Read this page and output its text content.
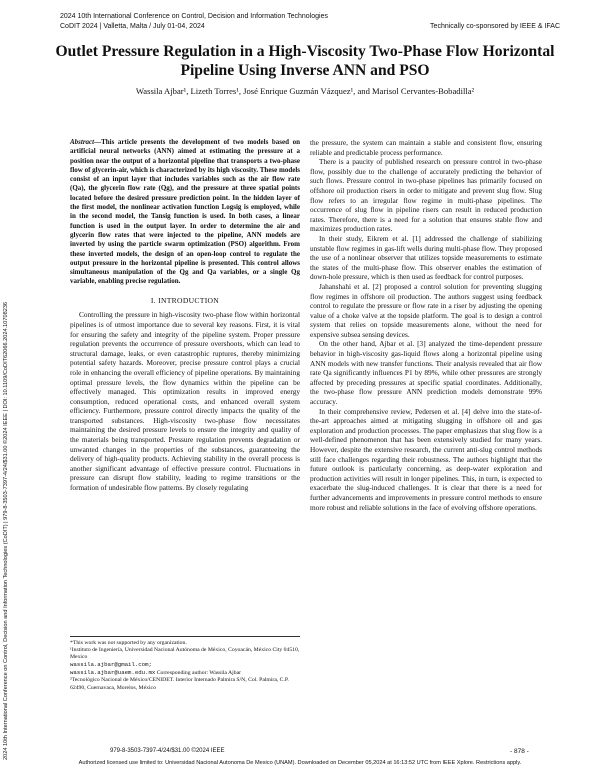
2024 10th International Conference on Control, Decision and Information Technologies
CoDIT 2024 | Valletta, Malta / July 01-04, 2024	Technically co-sponsored by IEEE & IFAC
Outlet Pressure Regulation in a High-Viscosity Two-Phase Flow Horizontal Pipeline Using Inverse ANN and PSO
Wassila Ajbar¹, Lizeth Torres¹, José Enrique Guzmán Vázquez¹, and Marisol Cervantes-Bobadilla²
Abstract—This article presents the development of two models based on artificial neural networks (ANN) aimed at estimating the pressure at a position near the output of a horizontal pipeline that transports a two-phase flow of glycerin-air, which is characterized by its high viscosity. These models consist of an input layer that includes variables such as the air flow rate (Qa), the glycerin flow rate (Qg), and the pressure at three spatial points located before the desired pressure prediction point. In the hidden layer of the first model, the nonlinear activation function Logsig is employed, while in the second model, the Tansig function is used. In both cases, a linear function is used in the output layer. In order to determine the air and glycerin flow rates that were injected to the pipeline, ANN models are inverted by using the particle swarm optimization (PSO) algorithm. From these inverted models, the design of an open-loop control to regulate the output pressure in the horizontal pipeline is presented. This control allows simultaneous manipulation of the Qg and Qa variables, or a single Qg variable, enabling precise regulation.
I. INTRODUCTION

Controlling the pressure in high-viscosity two-phase flow within horizontal pipelines is of utmost importance due to several key reasons. First, it is vital for ensuring the safety and integrity of the pipeline system. Proper pressure regulation prevents the occurrence of pressure overshoots, which can lead to structural damage, leaks, or even catastrophic ruptures, thereby minimizing potential safety hazards. Moreover, precise pressure control plays a crucial role in enhancing the overall efficiency of pipeline operations. By maintaining optimal pressure levels, the flow dynamics within the pipeline can be effectively managed. This optimization results in improved energy consumption, reduced operational costs, and enhanced overall system efficiency. Furthermore, pressure control directly impacts the quality of the transported substances. High-viscosity two-phase flow necessitates maintaining the desired pressure levels to ensure the integrity and quality of the materials being transported. Pressure regulation prevents degradation or unwanted changes in the properties of the substances, guaranteeing the delivery of high-quality products. Achieving stability in the overall process is another significant advantage of effective pressure control. Fluctuations in pressure can disrupt flow stability, leading to regime transitions or the formation of undesirable flow patterns. By closely regulating

the pressure, the system can maintain a stable and consistent flow, ensuring reliable and predictable process performance.

There is a paucity of published research on pressure control in two-phase flow, possibly due to the challenge of accurately predicting the behavior of such flows. Pressure control in two-phase pipelines has primarily focused on offshore oil production risers in order to mitigate and prevent slug flow. Slug flow refers to an irregular flow regime in multi-phase pipelines. The occurrence of slug flow in pipeline risers can result in reduced production rates. Therefore, there is a need for a solution that ensures stable flow and maximizes production rates.

In their study, Eikrem et al. [1] addressed the challenge of stabilizing unstable flow regimes in gas-lift wells during multi-phase flow. They proposed the use of a nonlinear observer that utilizes topside measurements to estimate the states of the multi-phase flow. This observer enables the estimation of down-hole pressure, which is then used as feedback for control purposes.

Jahanshahi et al. [2] proposed a control solution for preventing slugging flow regimes in offshore oil production. The authors suggest using feedback control to regulate the pressure or flow rate in a riser by adjusting the opening value of a choke valve at the topside platform. The goal is to design a control system that relies on topside measurements alone, without the need for expensive subsea sensing devices.

On the other hand, Ajbar et al. [3] analyzed the time-dependent pressure behavior in high-viscosity gas-liquid flows along a horizontal pipeline using ANN models with new transfer functions. Their analysis revealed that air flow rate Qa significantly influences P1 by 89%, while other pressures are strongly affected by preceding pressures at specific spatial coordinates. Additionally, the two-phase flow pressure ANN prediction models demonstrate 99% accuracy.

In their comprehensive review, Pedersen et al. [4] delve into the state-of-the-art approaches aimed at mitigating slugging in offshore oil and gas exploration and production processes. The paper emphasizes that slug flow is a well-defined phenomenon that has been extensively studied for many years. However, despite the extensive research, the current anti-slug control methods still face challenges regarding their robustness. The authors highlight that the future outlook is particularly concerning, as deep-water exploration and production activities will result in longer pipelines. This, in turn, is expected to exacerbate the slug-induced challenges. It is clear that there is a need for further advancements and improvements in pressure control methods to ensure more robust and reliable solutions in the face of evolving offshore operations.

*This work was not supported by any organization.
¹Instituto de Ingeniería, Universidad Nacional Autónoma de México, Coyoacán, México City 04510, Mexico
wassila.ajbar@gmail.com;
wassila.ajbar@uaem.edu.mx Corresponding author: Wassila Ajbar
²Tecnológico Nacional de México/CENIDET. Interior Internado Palmira S/N, Col. Palmira, C.P. 62490, Cuernavaca, Morelos, México
2024 10th International Conference on Control, Decision and Information Technologies (CoDIT) | 979-8-3503-7397-4/24/$31.00 ©2024 IEEE | DOI: 10.1109/CoDIT62066.2024.10708236	979-8-3503-7397-4/24/$31.00 ©2024 IEEE	- 878 -
Authorized licensed use limited to: Universidad Nacional Autonoma De Mexico (UNAM). Downloaded on December 05,2024 at 16:13:52 UTC from IEEE Xplore. Restrictions apply.
